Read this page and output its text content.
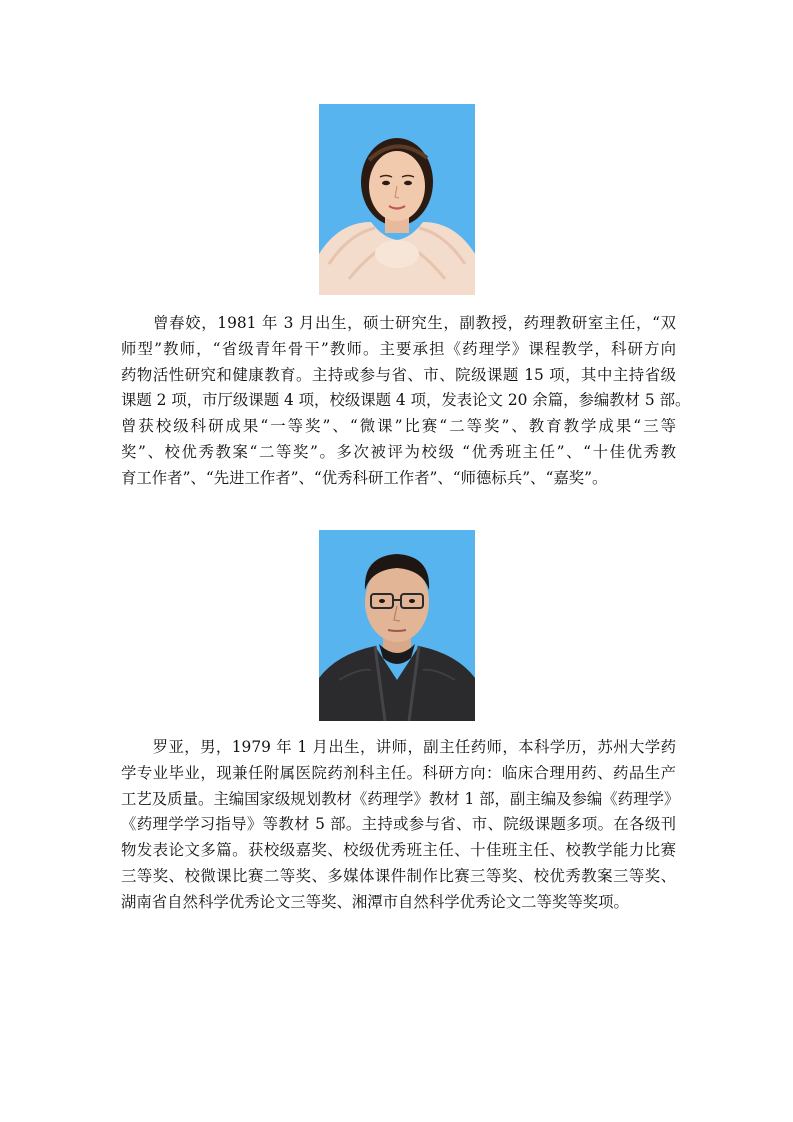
　　曾春姣，1981 年 3 月出生，硕士研究生，副教授，药理教研室主任，“双
师型”教师，“省级青年骨干”教师。主要承担《药理学》课程教学，科研方向
药物活性研究和健康教育。主持或参与省、市、院级课题 15 项，其中主持省级
课题 2 项，市厅级课题 4 项，校级课题 4 项，发表论文 20 余篇，参编教材 5 部。
曾获校级科研成果“一等奖”、“微课”比赛“二等奖”、教育教学成果“三等
奖”、校优秀教案“二等奖”。多次被评为校级 “优秀班主任”、“十佳优秀教
育工作者”、“先进工作者”、“优秀科研工作者”、“师德标兵”、“嘉奖”。
　　罗亚，男，1979 年 1 月出生，讲师，副主任药师，本科学历，苏州大学药
学专业毕业，现兼任附属医院药剂科主任。科研方向：临床合理用药、药品生产
工艺及质量。主编国家级规划教材《药理学》教材 1 部，副主编及参编《药理学》
《药理学学习指导》等教材 5 部。主持或参与省、市、院级课题多项。在各级刊
物发表论文多篇。获校级嘉奖、校级优秀班主任、十佳班主任、校教学能力比赛
三等奖、校微课比赛二等奖、多媒体课件制作比赛三等奖、校优秀教案三等奖、
湖南省自然科学优秀论文三等奖、湘潭市自然科学优秀论文二等奖等奖项。
